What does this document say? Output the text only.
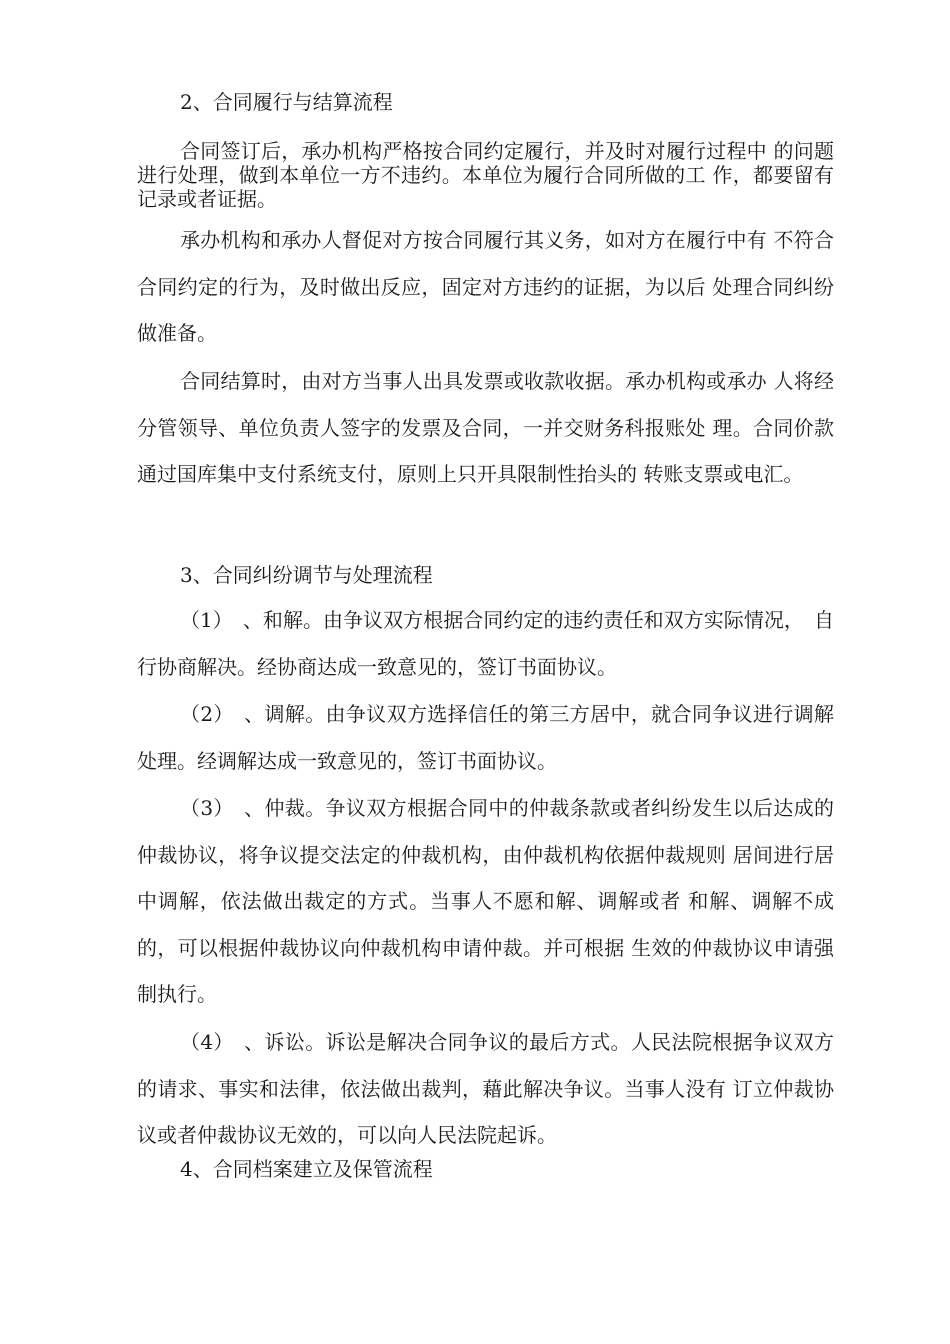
2、合同履行与结算流程
合同签订后，承办机构严格按合同约定履行，并及时对履行过程中 的问题进行处理，做到本单位一方不违约。本单位为履行合同所做的工 作，都要留有记录或者证据。
承办机构和承办人督促对方按合同履行其义务，如对方在履行中有 不符合合同约定的行为，及时做出反应，固定对方违约的证据，为以后 处理合同纠纷做准备。
合同结算时，由对方当事人出具发票或收款收据。承办机构或承办 人将经分管领导、单位负责人签字的发票及合同，一并交财务科报账处 理。合同价款通过国库集中支付系统支付，原则上只开具限制性抬头的 转账支票或电汇。
3、合同纠纷调节与处理流程
（1）　、和解。由争议双方根据合同约定的违约责任和双方实际情况，　自行协商解决。经协商达成一致意见的，签订书面协议。
（2）　、调解。由争议双方选择信任的第三方居中，就合同争议进行调解处理。经调解达成一致意见的，签订书面协议。
（3）　、仲裁。争议双方根据合同中的仲裁条款或者纠纷发生以后达成的仲裁协议，将争议提交法定的仲裁机构，由仲裁机构依据仲裁规则 居间进行居中调解，依法做出裁定的方式。当事人不愿和解、调解或者 和解、调解不成的，可以根据仲裁协议向仲裁机构申请仲裁。并可根据 生效的仲裁协议申请强制执行。
（4）　、诉讼。诉讼是解决合同争议的最后方式。人民法院根据争议双方的请求、事实和法律，依法做出裁判，藉此解决争议。当事人没有 订立仲裁协议或者仲裁协议无效的，可以向人民法院起诉。
4、合同档案建立及保管流程
